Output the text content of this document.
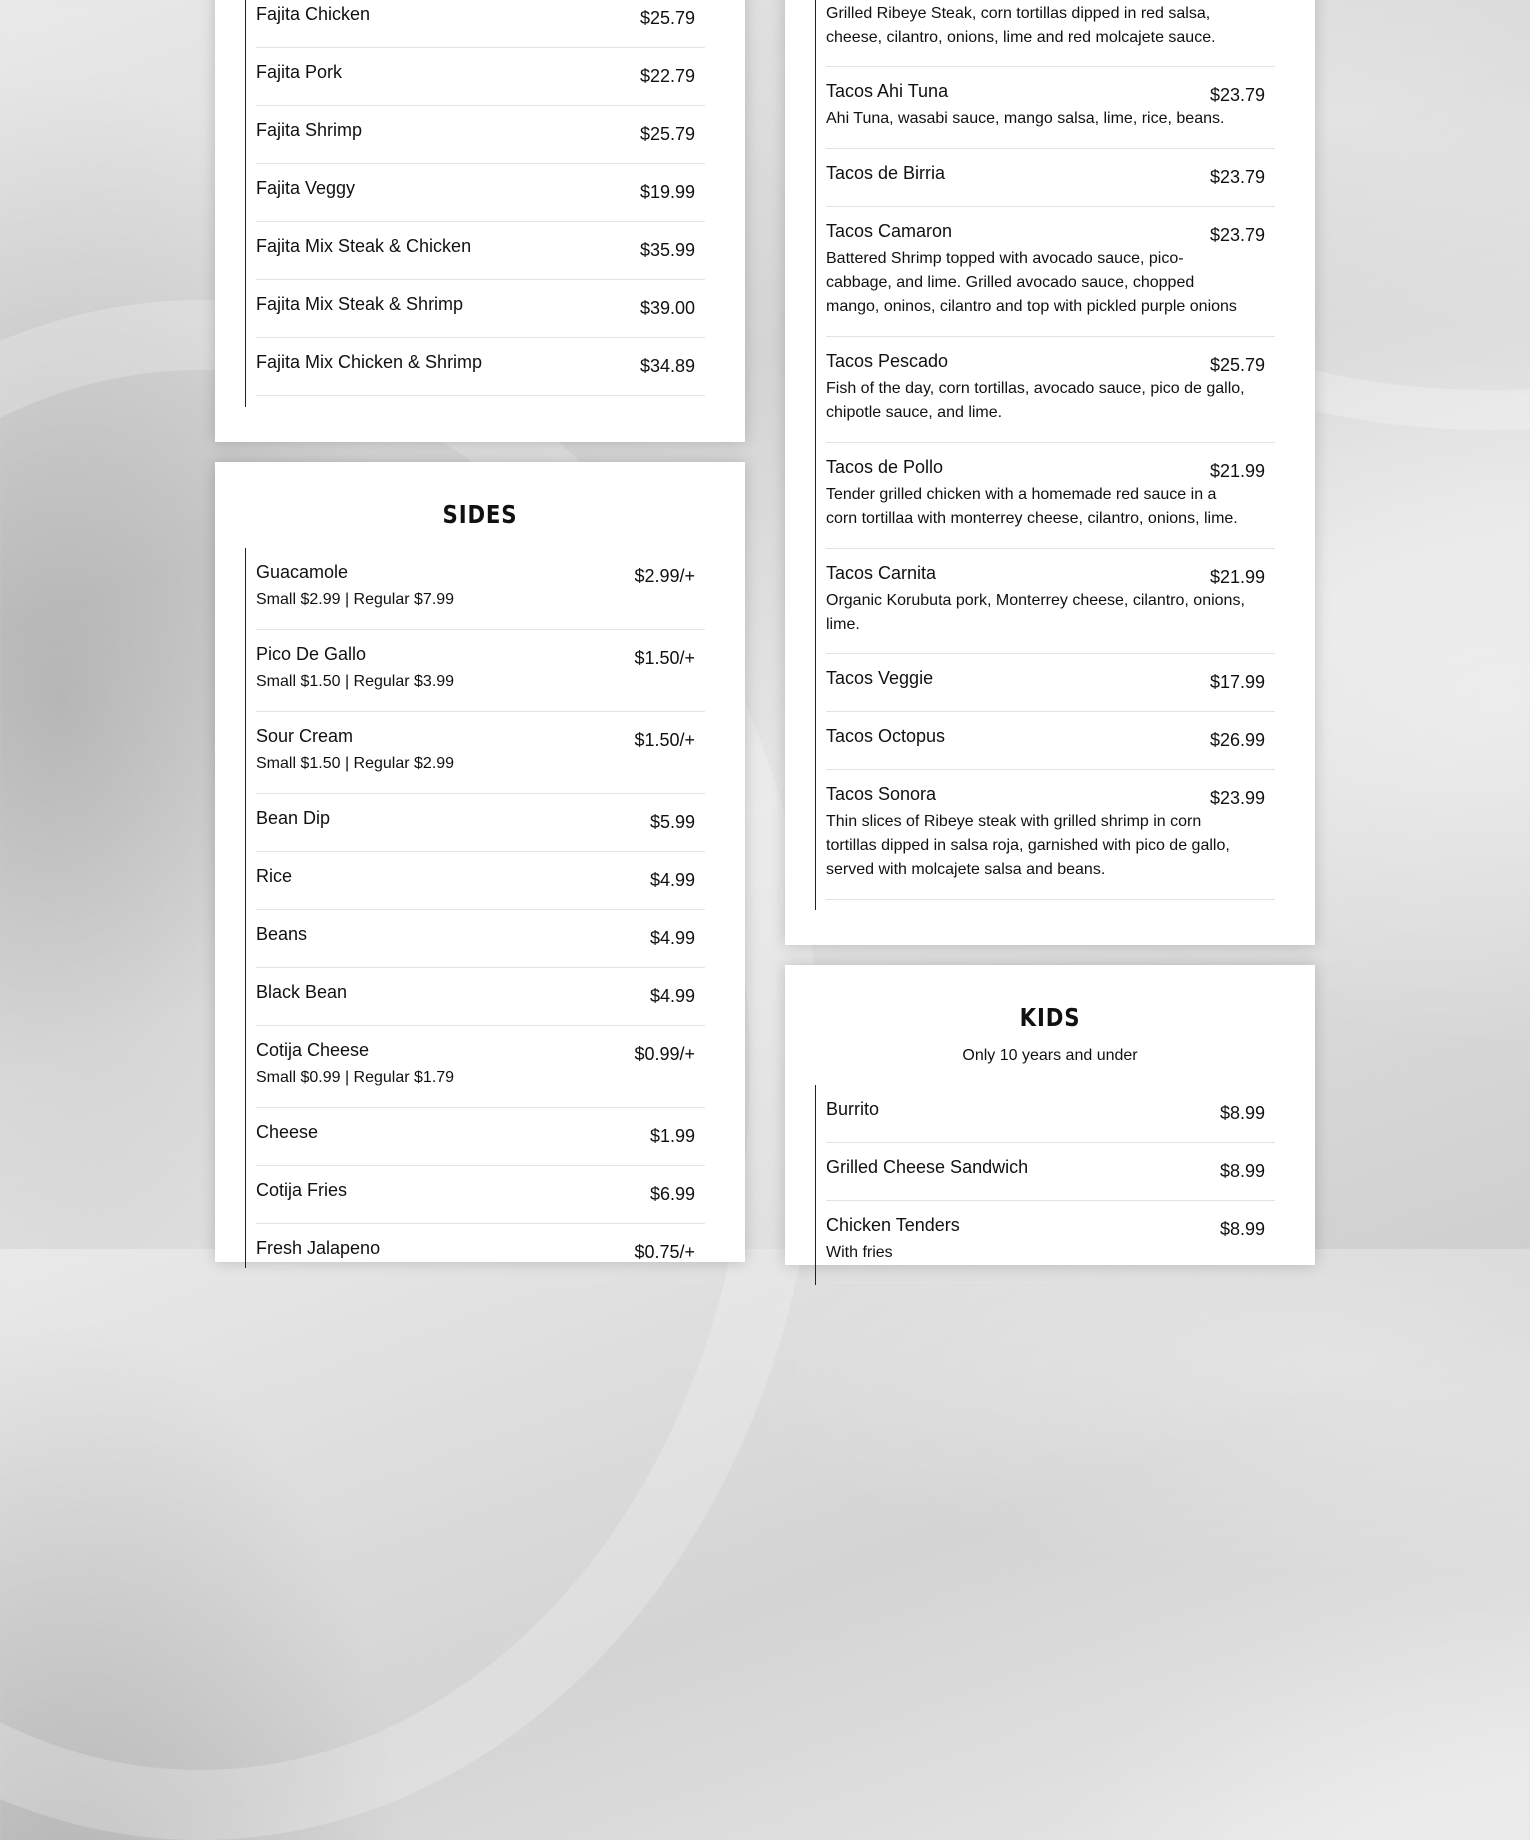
Fajita Chicken	$25.79
Fajita Pork	$22.79
Fajita Shrimp	$25.79
Fajita Veggy	$19.99
Fajita Mix Steak & Chicken	$35.99
Fajita Mix Steak & Shrimp	$39.00
Fajita Mix Chicken & Shrimp	$34.89
SIDES
Guacamole	$2.99/+
Small $2.99 | Regular $7.99
Pico De Gallo	$1.50/+
Small $1.50 | Regular $3.99
Sour Cream	$1.50/+
Small $1.50 | Regular $2.99
Bean Dip	$5.99
Rice	$4.99
Beans	$4.99
Black Bean	$4.99
Cotija Cheese	$0.99/+
Small $0.99 | Regular $1.79
Cheese	$1.99
Cotija Fries	$6.99
Fresh Jalapeno	$0.75/+
Grilled Ribeye Steak, corn tortillas dipped in red salsa, cheese, cilantro, onions, lime and red molcajete sauce.
Tacos Ahi Tuna	$23.79
Ahi Tuna, wasabi sauce, mango salsa, lime, rice, beans.
Tacos de Birria	$23.79
Tacos Camaron	$23.79
Battered Shrimp topped with avocado sauce, pico-cabbage, and lime. Grilled avocado sauce, chopped mango, oninos, cilantro and top with pickled purple onions
Tacos Pescado	$25.79
Fish of the day, corn tortillas, avocado sauce, pico de gallo, chipotle sauce, and lime.
Tacos de Pollo	$21.99
Tender grilled chicken with a homemade red sauce in a corn tortillaa with monterrey cheese, cilantro, onions, lime.
Tacos Carnita	$21.99
Organic Korubuta pork, Monterrey cheese, cilantro, onions, lime.
Tacos Veggie	$17.99
Tacos Octopus	$26.99
Tacos Sonora	$23.99
Thin slices of Ribeye steak with grilled shrimp in corn tortillas dipped in salsa roja, garnished with pico de gallo, served with molcajete salsa and beans.
KIDS
Only 10 years and under
Burrito	$8.99
Grilled Cheese Sandwich	$8.99
Chicken Tenders	$8.99
With fries
